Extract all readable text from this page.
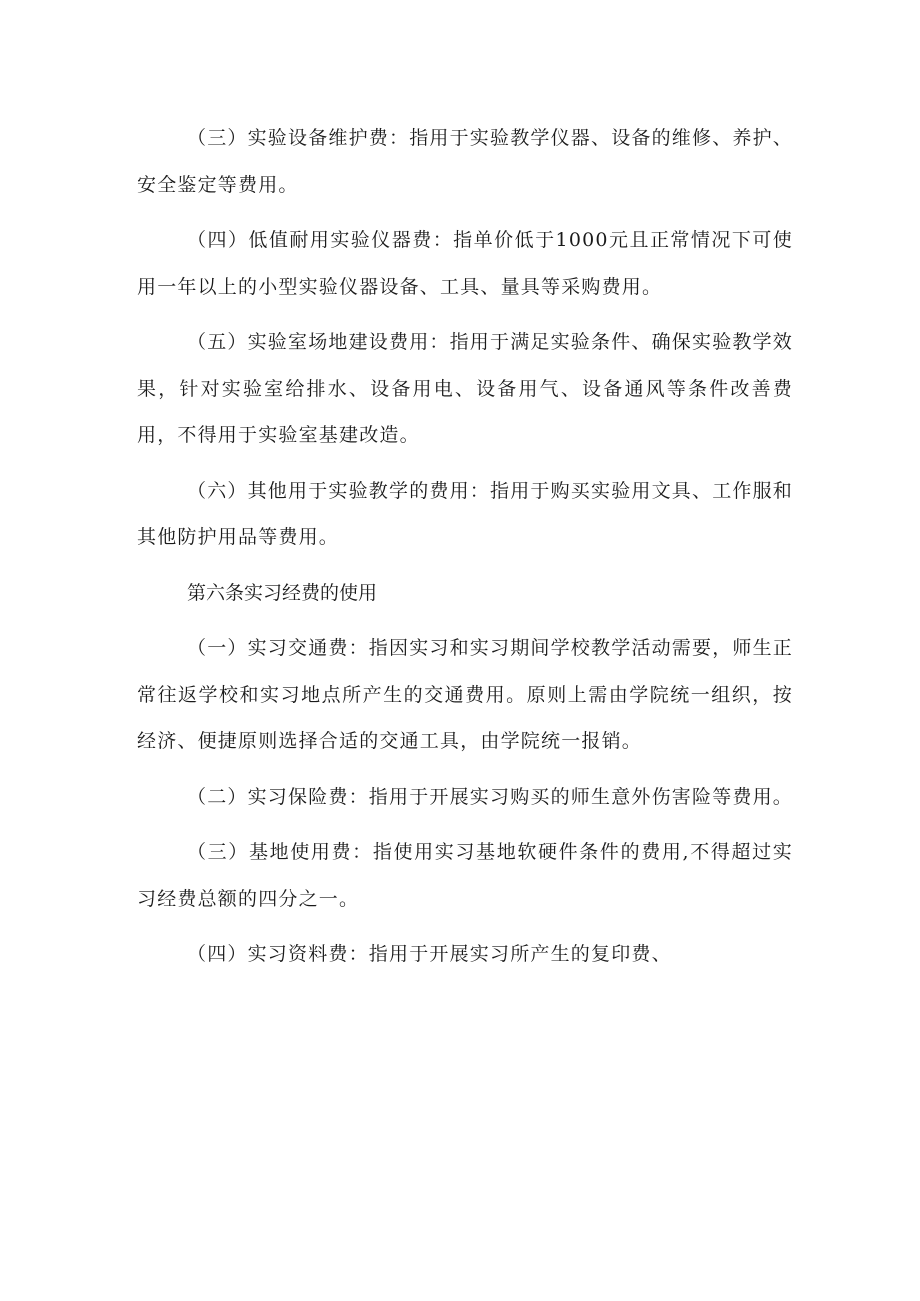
（三）实验设备维护费：指用于实验教学仪器、设备的维修、养护、安全鉴定等费用。

（四）低值耐用实验仪器费：指单价低于1000元且正常情况下可使用一年以上的小型实验仪器设备、工具、量具等采购费用。

（五）实验室场地建设费用：指用于满足实验条件、确保实验教学效果，针对实验室给排水、设备用电、设备用气、设备通风等条件改善费用，不得用于实验室基建改造。

（六）其他用于实验教学的费用：指用于购买实验用文具、工作服和其他防护用品等费用。

第六条实习经费的使用

（一）实习交通费：指因实习和实习期间学校教学活动需要，师生正常往返学校和实习地点所产生的交通费用。原则上需由学院统一组织，按经济、便捷原则选择合适的交通工具，由学院统一报销。

（二）实习保险费：指用于开展实习购买的师生意外伤害险等费用。

（三）基地使用费：指使用实习基地软硬件条件的费用,不得超过实习经费总额的四分之一。

（四）实习资料费：指用于开展实习所产生的复印费、
